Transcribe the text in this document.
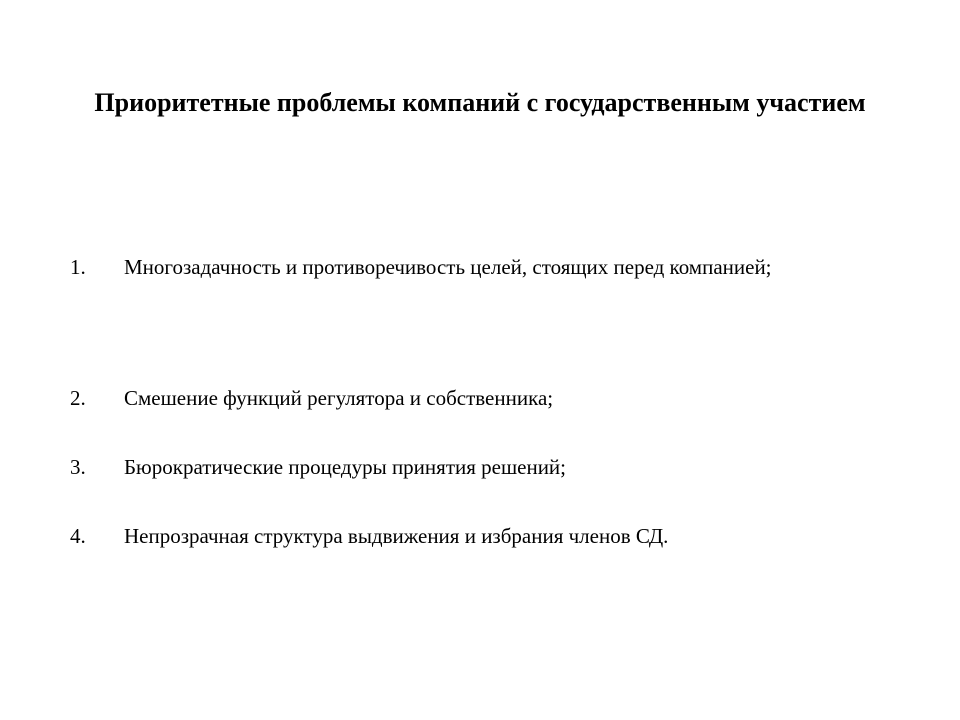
Приоритетные проблемы компаний с государственным участием
1.	Многозадачность и противоречивость целей, стоящих перед компанией;
2.	Смешение функций регулятора и собственника;
3.	Бюрократические процедуры принятия решений;
4.	Непрозрачная структура выдвижения и избрания членов СД.
